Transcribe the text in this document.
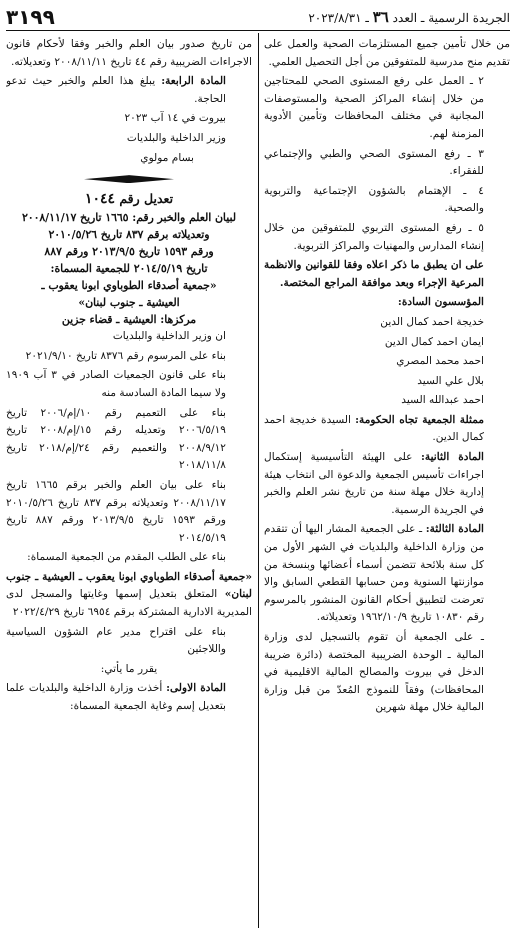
الجريدة الرسمية ـ العدد ٣٦ ـ ٢٠٢٣/٨/٣١
٣١٩٩

من خلال تأمين جميع المستلزمات الصحية والعمل على تقديم منح مدرسية للمتفوقين من أجل التحصيل العلمي.

٢ ـ العمل على رفع المستوى الصحي للمحتاجين من خلال إنشاء المراكز الصحية والمستوصفات المجانية في مختلف المحافظات وتأمين الأدوية المزمنة لهم.

٣ ـ رفع المستوى الصحي والطبي والإجتماعي للفقراء.

٤ ـ الإهتمام بالشؤون الإجتماعية والتربوية والصحية.

٥ ـ رفع المستوى التربوي للمتفوقين من خلال إنشاء المدارس والمهنيات والمراكز التربوية.

على ان يطبق ما ذكر اعلاه وفقا للقوانين والانظمة المرعية الإجراء وبعد موافقة المراجع المختصة.

المؤسسون السادة:

خديجة احمد كمال الدين

ايمان احمد كمال الدين

احمد محمد المصري

بلال علي السيد

احمد عبدالله السيد

ممثلة الجمعية تجاه الحكومة: السيدة خديجة احمد كمال الدين.

المادة الثانية: على الهيئة التأسيسية إستكمال اجراءات تأسيس الجمعية والدعوة الى انتخاب هيئة إدارية خلال مهلة سنة من تاريخ نشر العلم والخبر في الجريدة الرسمية.

المادة الثالثة: ـ على الجمعية المشار اليها أن تتقدم من وزارة الداخلية والبلديات في الشهر الأول من كل سنة بلائحة تتضمن أسماء أعضائها وبنسخة من موازنتها السنوية ومن حسابها القطعي السابق والا تعرضت لتطبيق أحكام القانون المنشور بالمرسوم رقم ١٠٨٣٠ تاريخ ١٩٦٢/١٠/٩ وتعديلاته.

ـ على الجمعية أن تقوم بالتسجيل لدى وزارة المالية ـ الوحدة الضريبية المختصة (دائرة ضريبة الدخل في بيروت والمصالح المالية الاقليمية في المحافظات) وفقاً للنموذج المُعدّ من قبل وزارة المالية خلال مهلة شهرين

من تاريخ صدور بيان العلم والخبر وفقا لأحكام قانون الاجراءات الضريبية رقم ٤٤ تاريخ ٢٠٠٨/١١/١١ وتعديلاته.

المادة الرابعة: يبلغ هذا العلم والخبر حيث تدعو الحاجة.

بيروت في ١٤ آب ٢٠٢٣

وزير الداخلية والبلديات

بسام مولوي

تعديل رقم ١٠٤٤
لبيان العلم والخبر رقم: ١٦٦٥ تاريخ ٢٠٠٨/١١/١٧
وتعديلاته برقم ٨٣٧ تاريخ ٢٠١٠/٥/٢٦
ورقم ١٥٩٣ تاريخ ٢٠١٣/٩/٥ ورقم ٨٨٧
تاريخ ٢٠١٤/٥/١٩ للجمعية المسماة:
«جمعية أصدقاء الطوباوي ابونا يعقوب ـ
العيشية ـ جنوب لبنان»
مركزها: العيشية ـ قضاء جزين

ان وزير الداخلية والبلديات

بناء على المرسوم رقم ٨٣٧٦ تاريخ ٢٠٢١/٩/١٠

بناء على قانون الجمعيات الصادر في ٣ آب ١٩٠٩ ولا سيما المادة السادسة منه

بناء على التعميم رقم ١٠/إم/٢٠٠٦ تاريخ ٢٠٠٦/٥/١٩ وتعديله رقم ١٥/إم/٢٠٠٨ تاريخ ٢٠٠٨/٩/١٢ والتعميم رقم ٢٤/إم/٢٠١٨ تاريخ ٢٠١٨/١١/٨

بناء على بيان العلم والخبر برقم ١٦٦٥ تاريخ ٢٠٠٨/١١/١٧ وتعديلاته برقم ٨٣٧ تاريخ ٢٠١٠/٥/٢٦ ورقم ١٥٩٣ تاريخ ٢٠١٣/٩/٥ ورقم ٨٨٧ تاريخ ٢٠١٤/٥/١٩

بناء على الطلب المقدم من الجمعية المسماة:

«جمعية أصدقاء الطوباوي ابونا يعقوب ـ العيشية ـ جنوب لبنان» المتعلق بتعديل إسمها وغايتها والمسجل لدى المديرية الادارية المشتركة برقم ٦٩٥٤ تاريخ ٢٠٢٢/٤/٢٩

بناء على اقتراح مدير عام الشؤون السياسية واللاجئين

يقرر ما يأتي:

المادة الاولى: أخذت وزارة الداخلية والبلديات علما بتعديل إسم وغاية الجمعية المسماة:
